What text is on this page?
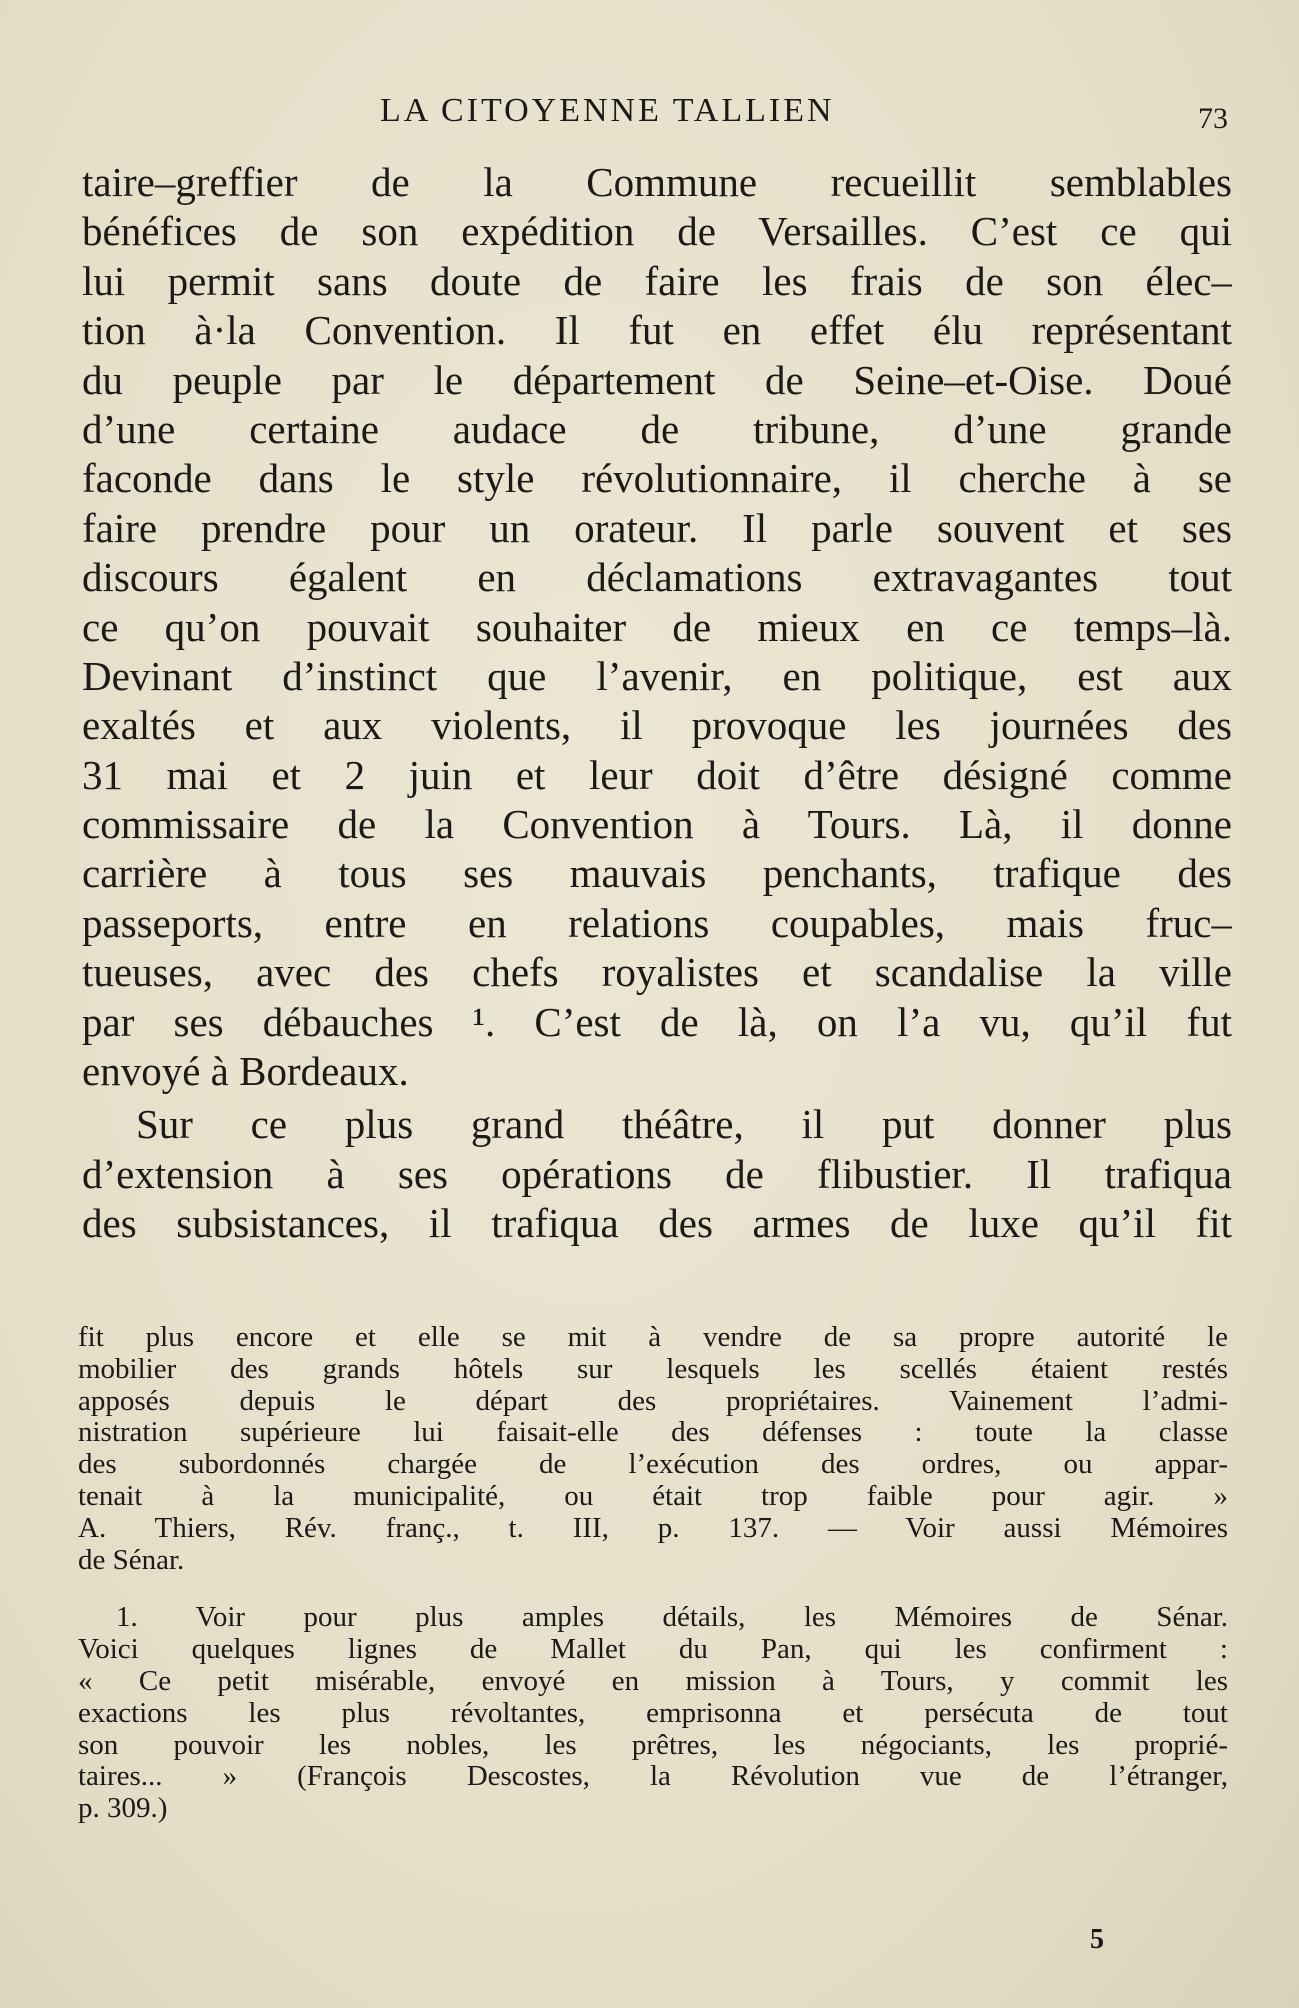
LA CITOYENNE TALLIEN	73
taire–greffier de la Commune recueillit semblables
bénéfices de son expédition de Versailles. C’est ce qui
lui permit sans doute de faire les frais de son élec–
tion à·la Convention. Il fut en effet élu représentant
du peuple par le département de Seine–et-Oise. Doué
d’une certaine audace de tribune, d’une grande
faconde dans le style révolutionnaire, il cherche à se
faire prendre pour un orateur. Il parle souvent et ses
discours égalent en déclamations extravagantes tout
ce qu’on pouvait souhaiter de mieux en ce temps–là.
Devinant d’instinct que l’avenir, en politique, est aux
exaltés et aux violents, il provoque les journées des
31 mai et 2 juin et leur doit d’être désigné comme
commissaire de la Convention à Tours. Là, il donne
carrière à tous ses mauvais penchants, trafique des
passeports, entre en relations coupables, mais fruc–
tueuses, avec des chefs royalistes et scandalise la ville
par ses débauches ¹. C’est de là, on l’a vu, qu’il fut
envoyé à Bordeaux.
Sur ce plus grand théâtre, il put donner plus
d’extension à ses opérations de flibustier. Il trafiqua
des subsistances, il trafiqua des armes de luxe qu’il fit
fit plus encore et elle se mit à vendre de sa propre autorité le
mobilier des grands hôtels sur lesquels les scellés étaient restés
apposés depuis le départ des propriétaires. Vainement l’admi-
nistration supérieure lui faisait-elle des défenses : toute la classe
des subordonnés chargée de l’exécution des ordres, ou appar-
tenait à la municipalité, ou était trop faible pour agir. »
A. Thiers, Rév. franç., t. III, p. 137. — Voir aussi Mémoires
de Sénar.
1. Voir pour plus amples détails, les Mémoires de Sénar.
Voici quelques lignes de Mallet du Pan, qui les confirment :
« Ce petit misérable, envoyé en mission à Tours, y commit les
exactions les plus révoltantes, emprisonna et persécuta de tout
son pouvoir les nobles, les prêtres, les négociants, les proprié-
taires... » (François Descostes, la Révolution vue de l’étranger,
p. 309.)
5
